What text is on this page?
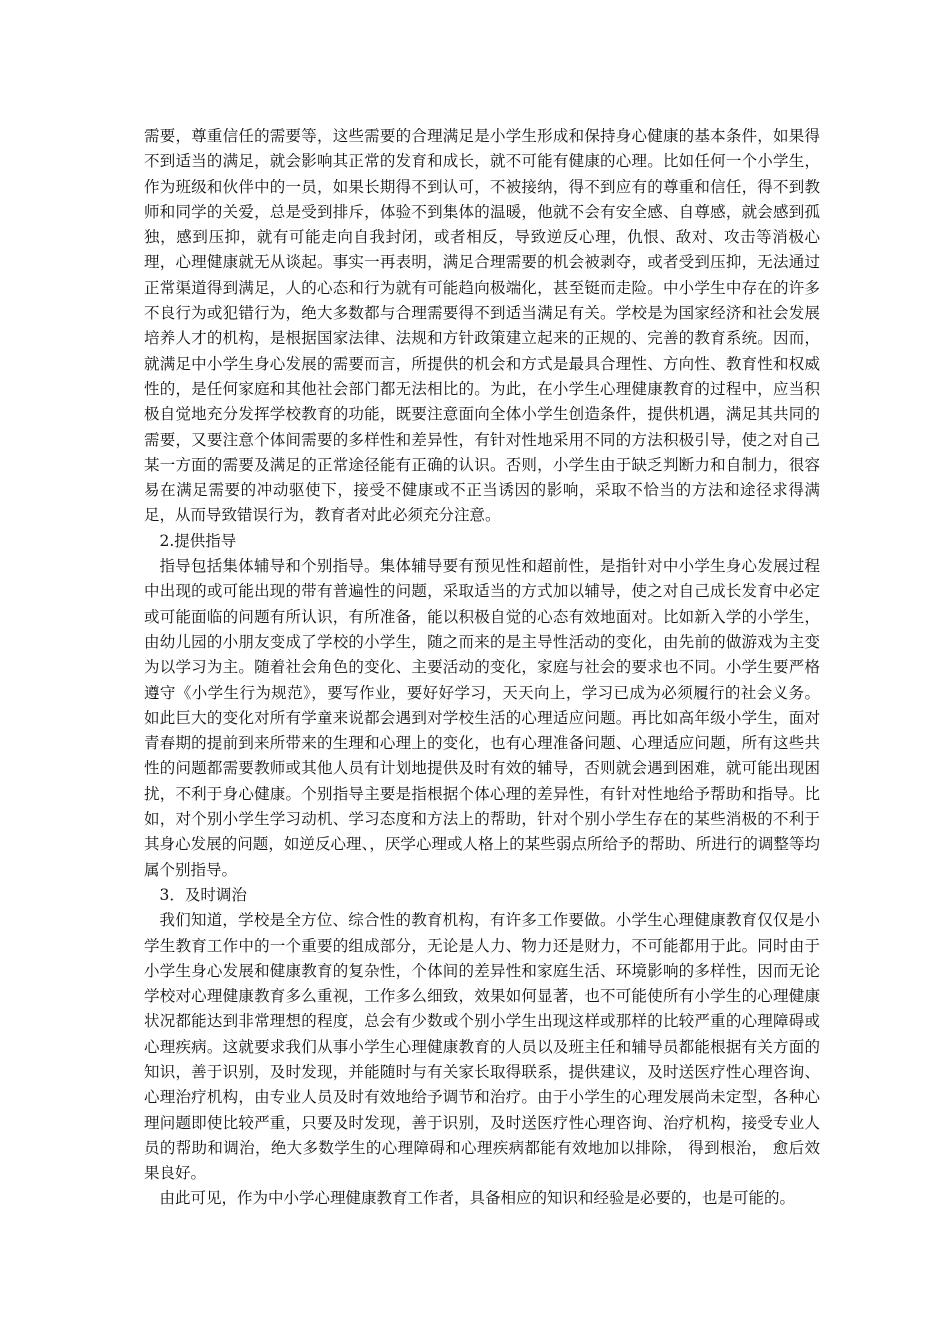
需要，尊重信任的需要等，这些需要的合理满足是小学生形成和保持身心健康的基本条件，如果得不到适当的满足，就会影响其正常的发育和成长，就不可能有健康的心理。比如任何一个小学生，作为班级和伙伴中的一员，如果长期得不到认可，不被接纳，得不到应有的尊重和信任，得不到教师和同学的关爱，总是受到排斥，体验不到集体的温暖，他就不会有安全感、自尊感，就会感到孤独，感到压抑，就有可能走向自我封闭，或者相反，导致逆反心理，仇恨、敌对、攻击等消极心理，心理健康就无从谈起。事实一再表明，满足合理需要的机会被剥夺，或者受到压抑，无法通过正常渠道得到满足，人的心态和行为就有可能趋向极端化，甚至铤而走险。中小学生中存在的许多不良行为或犯错行为，绝大多数都与合理需要得不到适当满足有关。学校是为国家经济和社会发展培养人才的机构，是根据国家法律、法规和方针政策建立起来的正规的、完善的教育系统。因而，就满足中小学生身心发展的需要而言，所提供的机会和方式是最具合理性、方向性、教育性和权威性的，是任何家庭和其他社会部门都无法相比的。为此，在小学生心理健康教育的过程中，应当积极自觉地充分发挥学校教育的功能，既要注意面向全体小学生创造条件，提供机遇，满足其共同的需要，又要注意个体间需要的多样性和差异性，有针对性地采用不同的方法积极引导，使之对自己某一方面的需要及满足的正常途径能有正确的认识。否则，小学生由于缺乏判断力和自制力，很容易在满足需要的冲动驱使下，接受不健康或不正当诱因的影响，采取不恰当的方法和途径求得满足，从而导致错误行为，教育者对此必须充分注意。

2.提供指导

指导包括集体辅导和个别指导。集体辅导要有预见性和超前性，是指针对中小学生身心发展过程中出现的或可能出现的带有普遍性的问题，采取适当的方式加以辅导，使之对自己成长发育中必定或可能面临的问题有所认识，有所准备，能以积极自觉的心态有效地面对。比如新入学的小学生，由幼儿园的小朋友变成了学校的小学生，随之而来的是主导性活动的变化，由先前的做游戏为主变为以学习为主。随着社会角色的变化、主要活动的变化，家庭与社会的要求也不同。小学生要严格遵守《小学生行为规范》，要写作业，要好好学习，天天向上，学习已成为必须履行的社会义务。 如此巨大的变化对所有学童来说都会遇到对学校生活的心理适应问题。再比如高年级小学生，面对青春期的提前到来所带来的生理和心理上的变化，也有心理准备问题、心理适应问题，所有这些共性的问题都需要教师或其他人员有计划地提供及时有效的辅导，否则就会遇到困难，就可能出现困扰，不利于身心健康。个别指导主要是指根据个体心理的差异性，有针对性地给予帮助和指导。比如，对个别小学生学习动机、学习态度和方法上的帮助，针对个别小学生存在的某些消极的不利于其身心发展的问题，如逆反心理、，厌学心理或人格上的某些弱点所给予的帮助、所进行的调整等均属个别指导。

3．及时调治

我们知道，学校是全方位、综合性的教育机构，有许多工作要做。小学生心理健康教育仅仅是小学生教育工作中的一个重要的组成部分，无论是人力、物力还是财力，不可能都用于此。同时由于小学生身心发展和健康教育的复杂性，个体间的差异性和家庭生活、环境影响的多样性，因而无论学校对心理健康教育多么重视，工作多么细致，效果如何显著，也不可能使所有小学生的心理健康状况都能达到非常理想的程度，总会有少数或个别小学生出现这样或那样的比较严重的心理障碍或心理疾病。这就要求我们从事小学生心理健康教育的人员以及班主任和辅导员都能根据有关方面的知识，善于识别，及时发现，并能随时与有关家长取得联系，提供建议，及时送医疗性心理咨询、心理治疗机构，由专业人员及时有效地给予调节和治疗。由于小学生的心理发展尚未定型，各种心理问题即使比较严重，只要及时发现，善于识别，及时送医疗性心理咨询、治疗机构，接受专业人员的帮助和调治，绝大多数学生的心理障碍和心理疾病都能有效地加以排除， 得到根治， 愈后效果良好。

由此可见，作为中小学心理健康教育工作者，具备相应的知识和经验是必要的，也是可能的。
